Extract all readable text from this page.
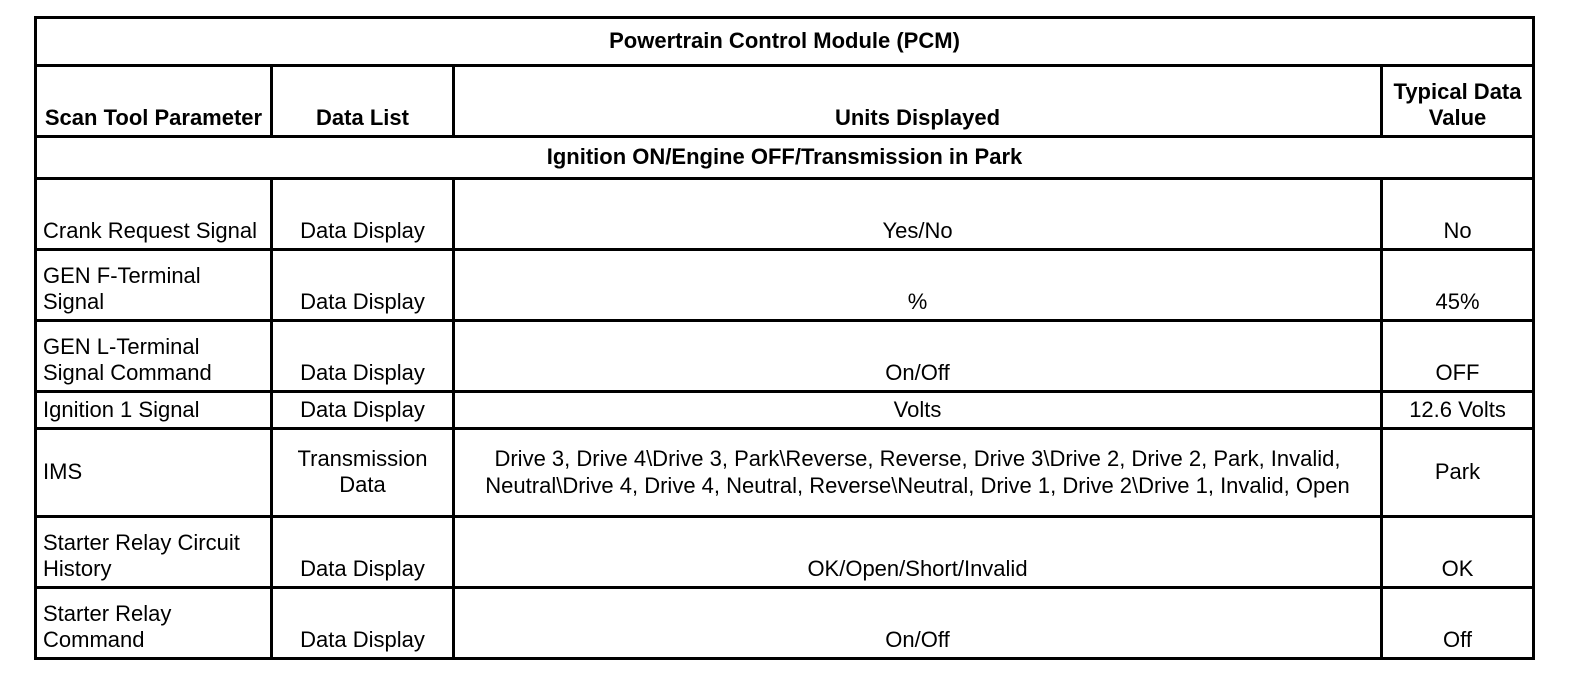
Powertrain Control Module (PCM)			
Scan Tool Parameter	Data List	Units Displayed	Typical Data Value
Ignition ON/Engine OFF/Transmission in Park			
Crank Request Signal	Data Display	Yes/No	No
GEN F-Terminal Signal	Data Display	%	45%
GEN L-Terminal Signal Command	Data Display	On/Off	OFF
Ignition 1 Signal	Data Display	Volts	12.6 Volts
IMS	Transmission Data	Drive 3, Drive 4\Drive 3, Park\Reverse, Reverse, Drive 3\Drive 2, Drive 2, Park, Invalid, Neutral\Drive 4, Drive 4, Neutral, Reverse\Neutral, Drive 1, Drive 2\Drive 1, Invalid, Open	Park
Starter Relay Circuit History	Data Display	OK/Open/Short/Invalid	OK
Starter Relay Command	Data Display	On/Off	Off
